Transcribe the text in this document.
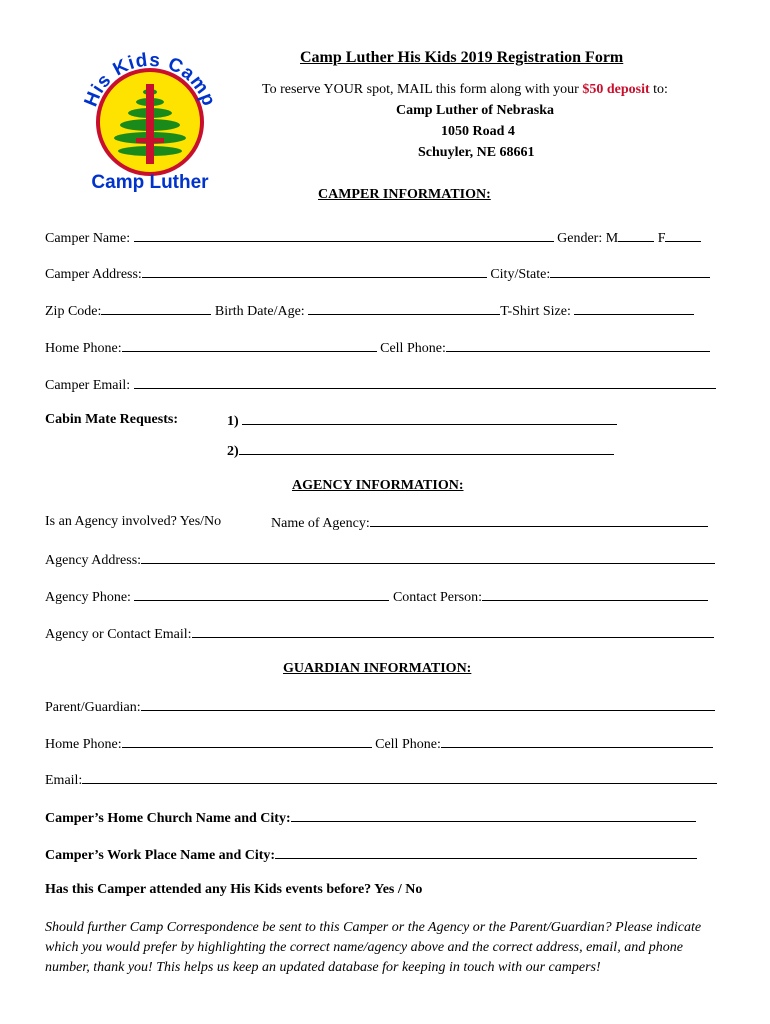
His Kids Camp
Camp Luther
Camp Luther His Kids 2019 Registration Form
To reserve YOUR spot, MAIL this form along with your $50 deposit to:
Camp Luther of Nebraska
1050 Road 4
Schuyler, NE 68661
CAMPER INFORMATION:
Camper Name:	Gender: M	F
Camper Address:	City/State:
Zip Code:	Birth Date/Age:	T-Shirt Size:
Home Phone:	Cell Phone:
Camper Email:
Cabin Mate Requests:	1)
2)
AGENCY INFORMATION:
Is an Agency involved? Yes/No	Name of Agency:
Agency Address:
Agency Phone:	Contact Person:
Agency or Contact Email:
GUARDIAN INFORMATION:
Parent/Guardian:
Home Phone:	Cell Phone:
Email:
Camper’s Home Church Name and City:
Camper’s Work Place Name and City:
Has this Camper attended any His Kids events before? Yes / No
Should further Camp Correspondence be sent to this Camper or the Agency or the Parent/Guardian? Please indicate which you would prefer by highlighting the correct name/agency above and the correct address, email, and phone number, thank you! This helps us keep an updated database for keeping in touch with our campers!
